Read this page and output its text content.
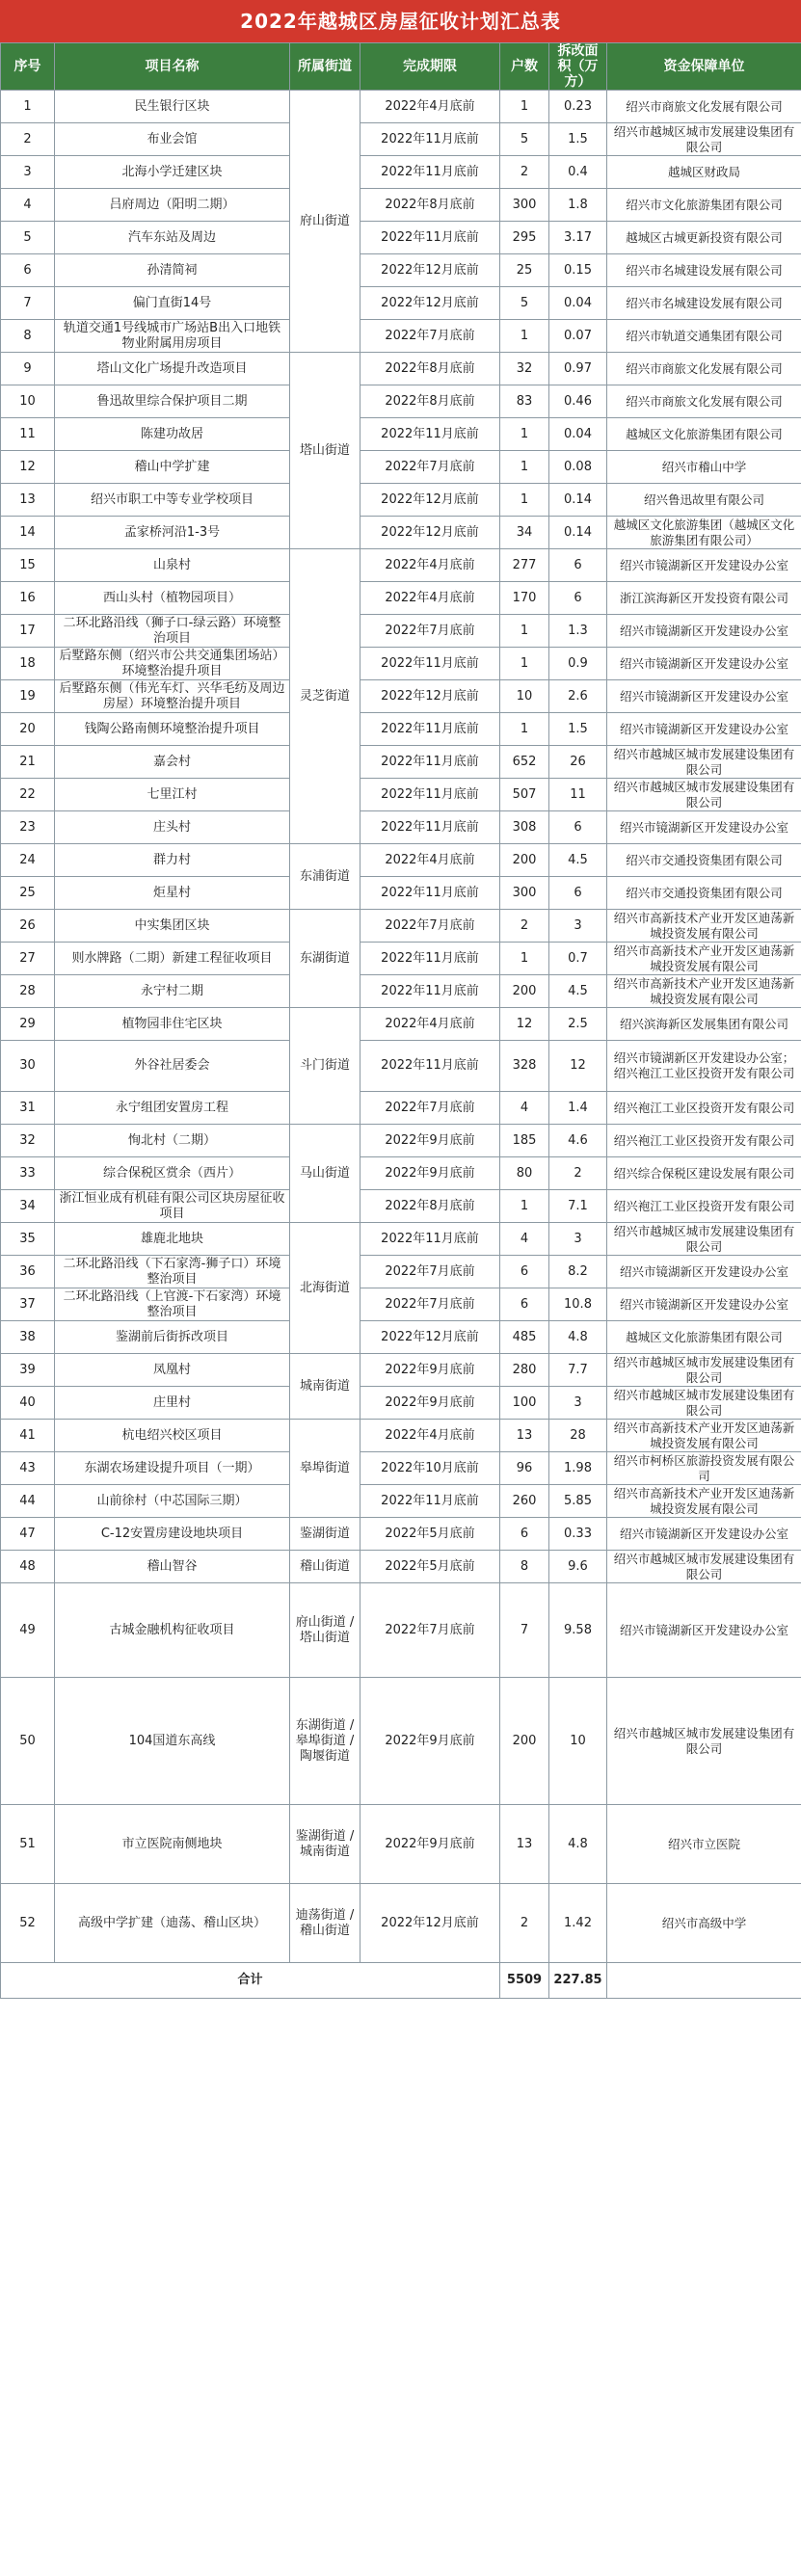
2022年越城区房屋征收计划汇总表
序号	项目名称	所属街道	完成期限	户数	拆改面积（万方）	资金保障单位
1	民生银行区块	府山街道	2022年4月底前	1	0.23	绍兴市商旅文化发展有限公司
2	布业会馆		2022年11月底前	5	1.5	绍兴市越城区城市发展建设集团有限公司
3	北海小学迁建区块		2022年11月底前	2	0.4	越城区财政局
4	吕府周边（阳明二期）		2022年8月底前	300	1.8	绍兴市文化旅游集团有限公司
5	汽车东站及周边		2022年11月底前	295	3.17	越城区古城更新投资有限公司
6	孙清简祠		2022年12月底前	25	0.15	绍兴市名城建设发展有限公司
7	偏门直街14号		2022年12月底前	5	0.04	绍兴市名城建设发展有限公司
8	轨道交通1号线城市广场站B出入口地铁物业附属用房项目		2022年7月底前	1	0.07	绍兴市轨道交通集团有限公司
9	塔山文化广场提升改造项目	塔山街道	2022年8月底前	32	0.97	绍兴市商旅文化发展有限公司
10	鲁迅故里综合保护项目二期		2022年8月底前	83	0.46	绍兴市商旅文化发展有限公司
11	陈建功故居		2022年11月底前	1	0.04	越城区文化旅游集团有限公司
12	稽山中学扩建		2022年7月底前	1	0.08	绍兴市稽山中学
13	绍兴市职工中等专业学校项目		2022年12月底前	1	0.14	绍兴鲁迅故里有限公司
14	孟家桥河沿1-3号		2022年12月底前	34	0.14	越城区文化旅游集团（越城区文化旅游集团有限公司）
15	山泉村	灵芝街道	2022年4月底前	277	6	绍兴市镜湖新区开发建设办公室
16	西山头村（植物园项目）		2022年4月底前	170	6	浙江滨海新区开发投资有限公司
17	二环北路沿线（狮子口-绿云路）环境整治项目		2022年7月底前	1	1.3	绍兴市镜湖新区开发建设办公室
18	后墅路东侧（绍兴市公共交通集团场站）环境整治提升项目		2022年11月底前	1	0.9	绍兴市镜湖新区开发建设办公室
19	后墅路东侧（伟光车灯、兴华毛纺及周边房屋）环境整治提升项目		2022年12月底前	10	2.6	绍兴市镜湖新区开发建设办公室
20	钱陶公路南侧环境整治提升项目		2022年11月底前	1	1.5	绍兴市镜湖新区开发建设办公室
21	嘉会村		2022年11月底前	652	26	绍兴市越城区城市发展建设集团有限公司
22	七里江村		2022年11月底前	507	11	绍兴市越城区城市发展建设集团有限公司
23	庄头村		2022年11月底前	308	6	绍兴市镜湖新区开发建设办公室
24	群力村	东浦街道	2022年4月底前	200	4.5	绍兴市交通投资集团有限公司
25	炬星村		2022年11月底前	300	6	绍兴市交通投资集团有限公司
26	中实集团区块	东湖街道	2022年7月底前	2	3	绍兴市高新技术产业开发区迪荡新城投资发展有限公司
27	则水牌路（二期）新建工程征收项目		2022年11月底前	1	0.7	绍兴市高新技术产业开发区迪荡新城投资发展有限公司
28	永宁村二期		2022年11月底前	200	4.5	绍兴市高新技术产业开发区迪荡新城投资发展有限公司
29	植物园非住宅区块	斗门街道	2022年4月底前	12	2.5	绍兴滨海新区发展集团有限公司
30	外谷社居委会		2022年11月底前	328	12	绍兴市镜湖新区开发建设办公室；绍兴袍江工业区投资开发有限公司
31	永宁组团安置房工程		2022年7月底前	4	1.4	绍兴袍江工业区投资开发有限公司
32	恂北村（二期）	马山街道	2022年9月底前	185	4.6	绍兴袍江工业区投资开发有限公司
33	综合保税区赏余（西片）		2022年9月底前	80	2	绍兴综合保税区建设发展有限公司
34	浙江恒业成有机硅有限公司区块房屋征收项目		2022年8月底前	1	7.1	绍兴袍江工业区投资开发有限公司
35	雄鹿北地块	北海街道	2022年11月底前	4	3	绍兴市越城区城市发展建设集团有限公司
36	二环北路沿线（下石家湾-狮子口）环境整治项目		2022年7月底前	6	8.2	绍兴市镜湖新区开发建设办公室
37	二环北路沿线（上官渡-下石家湾）环境整治项目		2022年7月底前	6	10.8	绍兴市镜湖新区开发建设办公室
38	鉴湖前后街拆改项目		2022年12月底前	485	4.8	越城区文化旅游集团有限公司
39	凤凰村	城南街道	2022年9月底前	280	7.7	绍兴市越城区城市发展建设集团有限公司
40	庄里村		2022年9月底前	100	3	绍兴市越城区城市发展建设集团有限公司
41	杭电绍兴校区项目	皋埠街道	2022年4月底前	13	28	绍兴市高新技术产业开发区迪荡新城投资发展有限公司
43	东湖农场建设提升项目（一期）		2022年10月底前	96	1.98	绍兴市柯桥区旅游投资发展有限公司
44	山前徐村（中芯国际三期）		2022年11月底前	260	5.85	绍兴市高新技术产业开发区迪荡新城投资发展有限公司
47	C-12安置房建设地块项目	鉴湖街道	2022年5月底前	6	0.33	绍兴市镜湖新区开发建设办公室
48	稽山智谷	稽山街道	2022年5月底前	8	9.6	绍兴市越城区城市发展建设集团有限公司
49	古城金融机构征收项目	府山街道 / 塔山街道	2022年7月底前	7	9.58	绍兴市镜湖新区开发建设办公室
50	104国道东高线	东湖街道 / 皋埠街道 / 陶堰街道	2022年9月底前	200	10	绍兴市越城区城市发展建设集团有限公司
51	市立医院南侧地块	鉴湖街道 / 城南街道	2022年9月底前	13	4.8	绍兴市立医院
52	高级中学扩建（迪荡、稽山区块）	迪荡街道 / 稽山街道	2022年12月底前	2	1.42	绍兴市高级中学
合计				5509	227.85	
